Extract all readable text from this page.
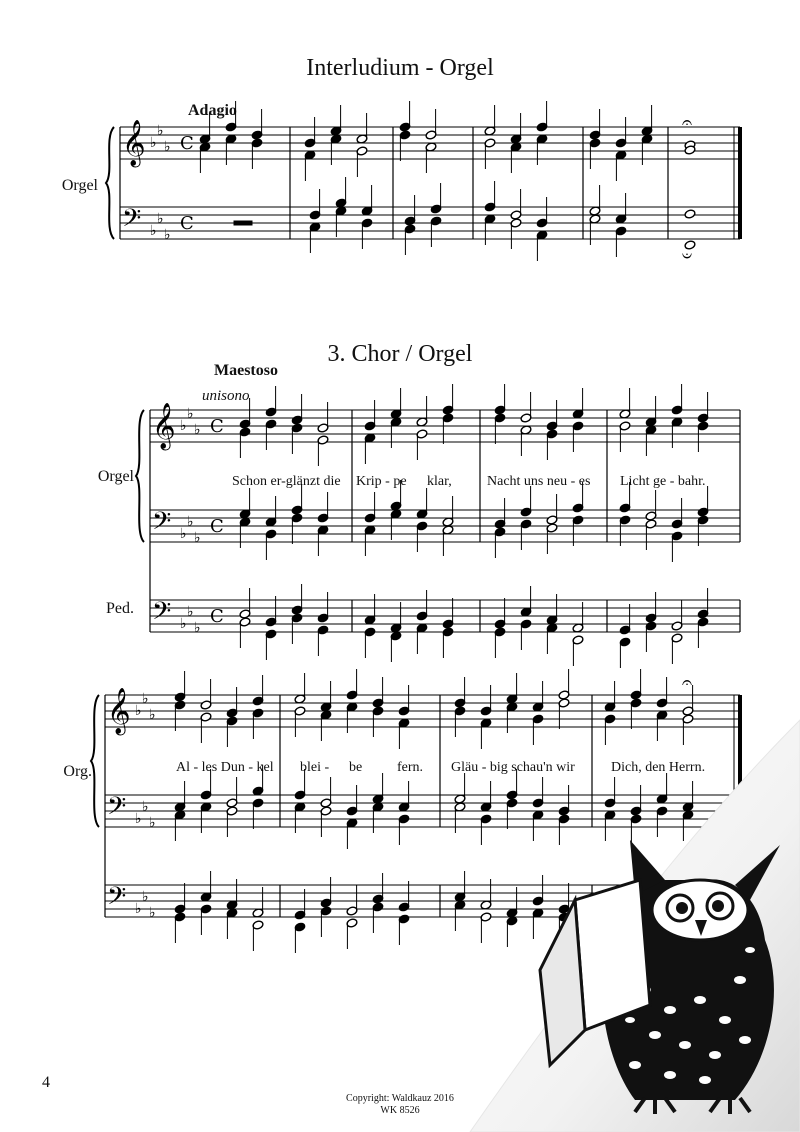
Interludium - Orgel
Adagio
Orgel
3. Chor / Orgel
Maestoso
unisono
Orgel
Ped.
Org.
Schon er-glänzt die Krip - pe klar,	Nacht uns neu - es Licht ge - bahr.
Al - les Dun - kel blei - be fern. Gläu - big schau'n wir	Dich, den Herrn.
𝄞 ♭
♭
♭ C
𝄢 ♭
♭
♭
C
𝄐
𝄑
𝄞 ♭
♭
♭ C
𝄢 ♭
♭
♭
C
𝄢 ♭
♭
♭
C
𝄞 ♭
♭
♭
𝄢 ♭
♭
♭
𝄢 ♭
♭
♭
𝄐
4
Copyright: Waldkauz 2016
WK 8526
